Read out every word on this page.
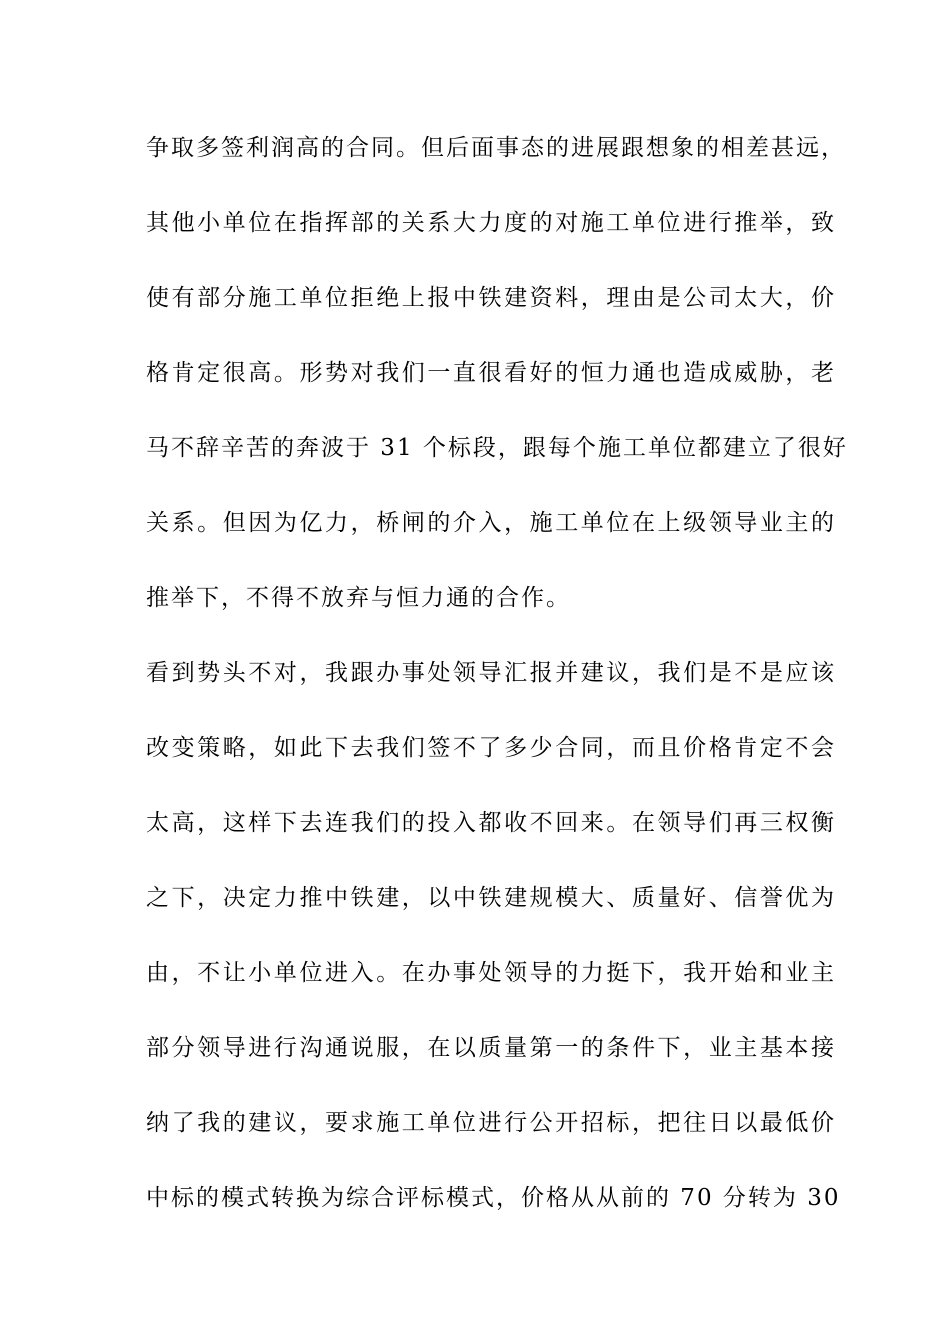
争取多签利润高的合同。但后面事态的进展跟想象的相差甚远，
其他小单位在指挥部的关系大力度的对施工单位进行推举，致
使有部分施工单位拒绝上报中铁建资料，理由是公司太大，价
格肯定很高。形势对我们一直很看好的恒力通也造成威胁，老
马不辞辛苦的奔波于 31 个标段，跟每个施工单位都建立了很好
关系。但因为亿力，桥闸的介入，施工单位在上级领导业主的
推举下，不得不放弃与恒力通的合作。
看到势头不对，我跟办事处领导汇报并建议，我们是不是应该
改变策略，如此下去我们签不了多少合同，而且价格肯定不会
太高，这样下去连我们的投入都收不回来。在领导们再三权衡
之下，决定力推中铁建，以中铁建规模大、质量好、信誉优为
由，不让小单位进入。在办事处领导的力挺下，我开始和业主
部分领导进行沟通说服，在以质量第一的条件下，业主基本接
纳了我的建议，要求施工单位进行公开招标，把往日以最低价
中标的模式转换为综合评标模式，价格从从前的 70 分转为 30
